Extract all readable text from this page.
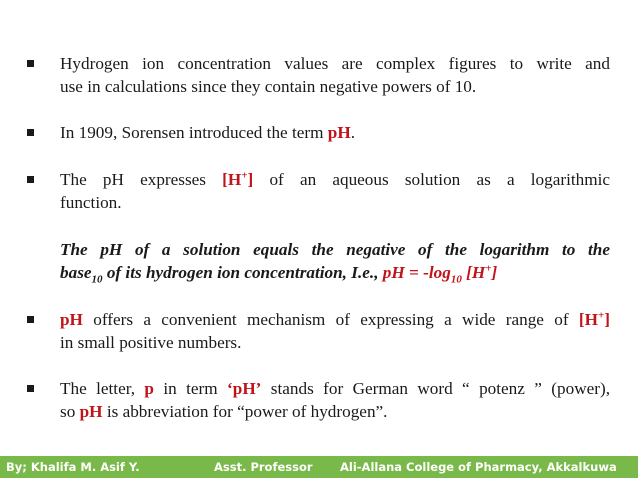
Hydrogen ion concentration values are complex figures to write and
use in calculations since they contain negative powers of 10.
In 1909, Sorensen introduced the term pH.
The pH expresses [H+] of an aqueous solution as a logarithmic
function.
The pH of a solution equals the negative of the logarithm to the
base$_{10}$ of its hydrogen ion concentration, I.e., pH = $-\log_{10}$ [H+]
pH offers a convenient mechanism of expressing a wide range of [H+]
in small positive numbers.
The letter, p in term ‘pH’ stands for German word “ potenz ” (power),
so pH is abbreviation for “power of hydrogen”.
By; Khalifa M. Asif Y.	Asst. Professor Ali-Allana College of Pharmacy, Akkalkuwa
